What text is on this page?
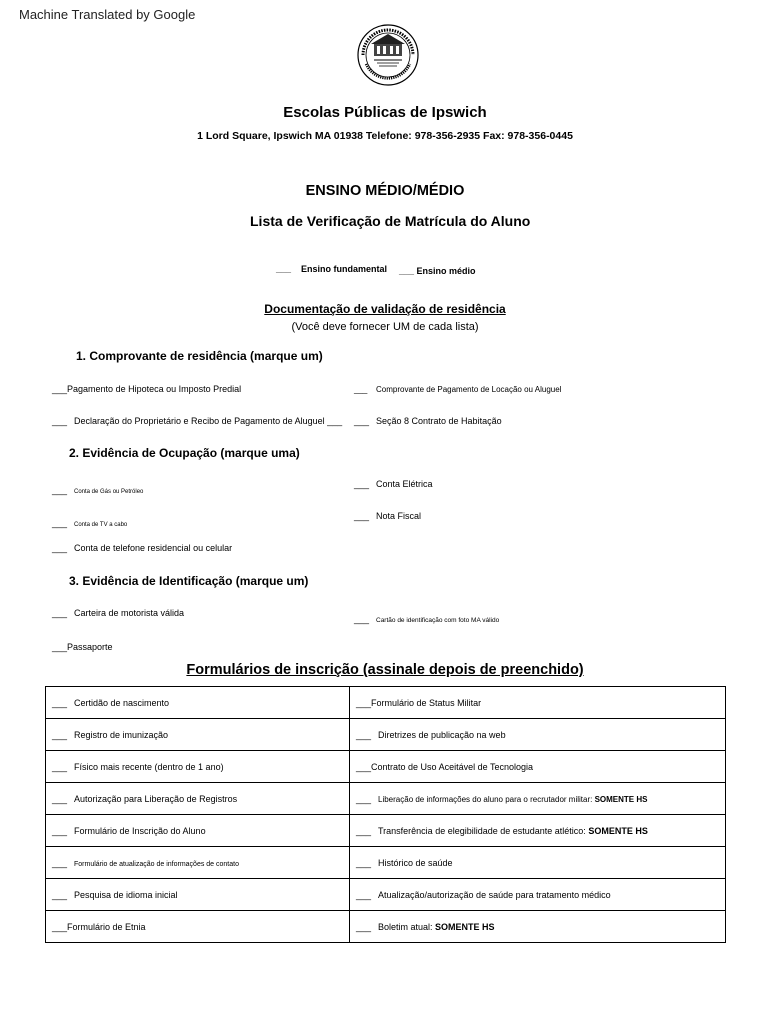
Machine Translated by Google
Escolas Públicas de Ipswich
1 Lord Square, Ipswich MA 01938 Telefone: 978-356-2935 Fax: 978-356-0445
ENSINO MÉDIO/MÉDIO
Lista de Verificação de Matrícula do Aluno
___ Ensino fundamental ___ Ensino médio
Documentação de validação de residência
(Você deve fornecer UM de cada lista)
1. Comprovante de residência (marque um)
___Pagamento de Hipoteca ou Imposto Predial	___ Comprovante de Pagamento de Locação ou Aluguel
___ Declaração do Proprietário e Recibo de Pagamento de Aluguel ___ ___ Seção 8 Contrato de Habitação
2. Evidência de Ocupação (marque uma)
___ Conta de Gás ou Petróleo
___ Conta Elétrica
___ Conta de TV a cabo
___ Nota Fiscal
___ Conta de telefone residencial ou celular
3. Evidência de Identificação (marque um)
___ Carteira de motorista válida
___ Cartão de identificação com foto MA válido
___Passaporte
Formulários de inscrição (assinale depois de preenchido)
___ Certidão de nascimento	___Formulário de Status Militar
___ Registro de imunização	___ Diretrizes de publicação na web
___ Físico mais recente (dentro de 1 ano)	___Contrato de Uso Aceitável de Tecnologia
___ Autorização para Liberação de Registros	___ Liberação de informações do aluno para o recrutador militar: SOMENTE HS
___ Formulário de Inscrição do Aluno	___ Transferência de elegibilidade de estudante atlético: SOMENTE HS
___ Formulário de atualização de informações de contato	___ Histórico de saúde
___ Pesquisa de idioma inicial	___ Atualização/autorização de saúde para tratamento médico
___Formulário de Etnia	___ Boletim atual: SOMENTE HS
